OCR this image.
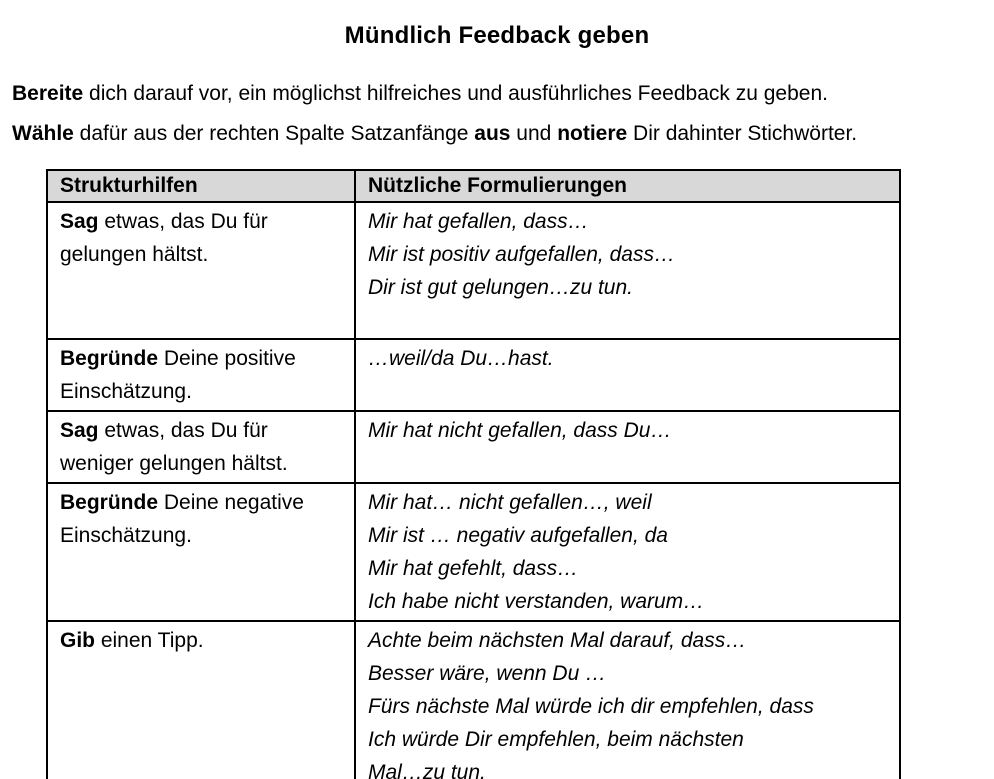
Mündlich Feedback geben

Bereite dich darauf vor, ein möglichst hilfreiches und ausführliches Feedback zu geben.

Wähle dafür aus der rechten Spalte Satzanfänge aus und notiere Dir dahinter Stichwörter.

Strukturhilfen	Nützliche Formulierungen
Sag etwas, das Du für gelungen hältst.	Mir hat gefallen, dass…
Mir ist positiv aufgefallen, dass…
Dir ist gut gelungen…zu tun.

Begründe Deine positive Einschätzung.	…weil/da Du…hast.

Sag etwas, das Du für weniger gelungen hältst.	Mir hat nicht gefallen, dass Du…

Begründe Deine negative Einschätzung.	Mir hat… nicht gefallen…, weil
Mir ist … negativ aufgefallen, da
Mir hat gefehlt, dass…
Ich habe nicht verstanden, warum…

Gib einen Tipp.	Achte beim nächsten Mal darauf, dass…
Besser wäre, wenn Du …
Fürs nächste Mal würde ich dir empfehlen, dass
Ich würde Dir empfehlen, beim nächsten
Mal…zu tun.
